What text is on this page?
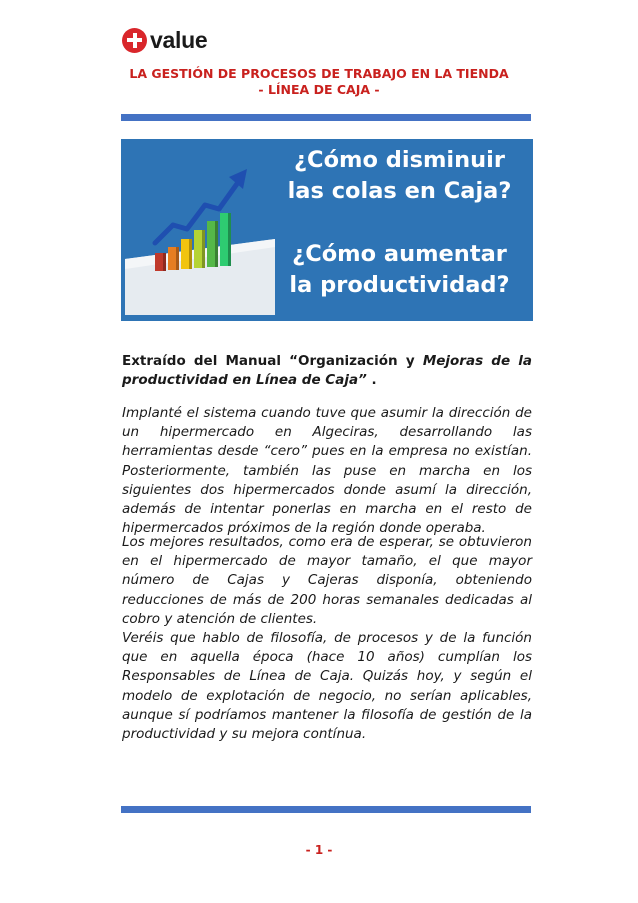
value
LA GESTIÓN DE PROCESOS DE TRABAJO EN LA TIENDA
- LÍNEA DE CAJA -
¿Cómo disminuir
las colas en Caja?
¿Cómo aumentar
la productividad?

Extraído del Manual “Organización y Mejoras de la productividad en Línea de Caja” .

Implanté el sistema cuando tuve que asumir la dirección de un hipermercado en Algeciras, desarrollando las herramientas desde “cero” pues en la empresa no existían. Posteriormente, también las puse en marcha en los siguientes dos hipermercados donde asumí la dirección, además de intentar ponerlas en marcha en el resto de hipermercados próximos de la región donde operaba.

Los mejores resultados, como era de esperar, se obtuvieron en el hipermercado de mayor tamaño, el que mayor número de Cajas y Cajeras disponía, obteniendo reducciones de más de 200 horas semanales dedicadas al cobro y atención de clientes.

Veréis que hablo de filosofía, de procesos y de la función que en aquella época (hace 10 años) cumplían los Responsables de Línea de Caja. Quizás hoy, y según el modelo de explotación de negocio, no serían aplicables, aunque sí podríamos mantener la filosofía de gestión de la productividad y su mejora contínua.

- 1 -
